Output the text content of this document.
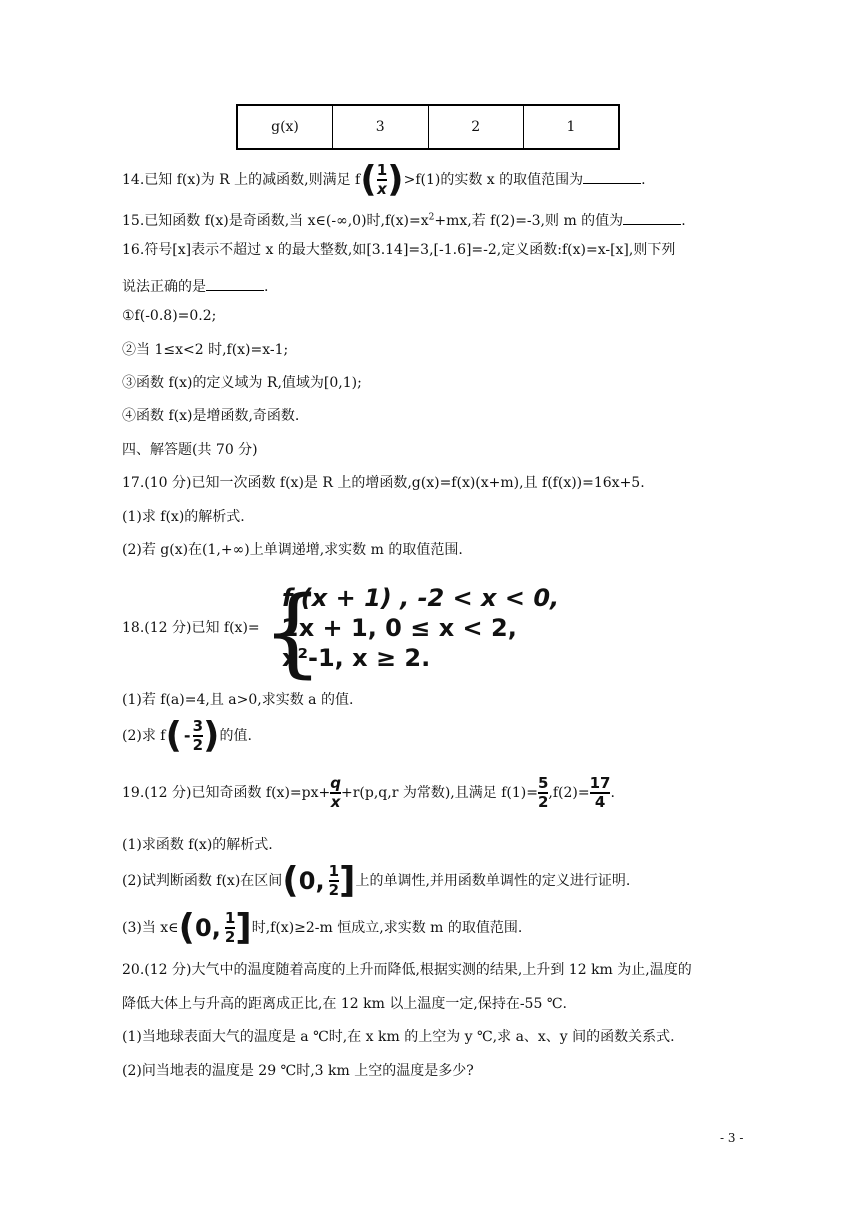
g(x)	3	2	1
14.已知 f(x)为 R 上的减函数,则满足 $f( \frac{1}{x} )>f(1)$的实数 x 的取值范围为	.
15.已知函数 f(x)是奇函数,当 x∈(-∞,0)时$,f(x)=x^2+mx$,若 f(2)=-3,则 m 的值为	.
16.符号[x]表示不超过 x 的最大整数,如[3.14]=3,[-1.6]=-2,定义函数:f(x)=x-[x],则下列
说法正确的是	.
①f(-0.8)=0.2;
②当 1≤x<2 时,f(x)=x-1;
③函数 f(x)的定义域为 R,值域为[0,1);
④函数 f(x)是增函数,奇函数.
四、解答题(共 70 分)
17.(10 分)已知一次函数 f(x)是 R 上的增函数,g(x)=f(x)(x+m),且 f(f(x))=16x+5.
(1)求 f(x)的解析式.
(2)若 g(x)在(1,+∞)上单调递增,求实数 m 的取值范围.
18.(12 分)已知 f(x)= {
f (x + 1) , -2 < x < 0,
2x + 1, 0 ≤ x < 2,
x²-1, x ≥ 2.
(1)若 f(a)=4,且 a>0,求实数 a 的值.
(2)求 $f( - \frac{3}{2}$ )的值.
19.(12 分)已知奇函数 $f(x)=px+ \frac{q}{x} +r(p,q,r$ 为常数),且满足 $f(1)= \frac{5}{2} ,f(2)= \frac{17}{4}$ .
(1)求函数 f(x)的解析式.
(2)试判断函数 f(x)在区间(0, $\frac{1}{2}$ ]上的单调性,并用函数单调性的定义进行证明.
(3)当 x∈(0, $\frac{1}{2}$ ]时,f(x)≥2-m 恒成立,求实数 m 的取值范围.
20.(12 分)大气中的温度随着高度的上升而降低,根据实测的结果,上升到 12 km 为止,温度的
降低大体上与升高的距离成正比,在 12 km 以上温度一定,保持在-55 ℃.
(1)当地球表面大气的温度是 a ℃时,在 x km 的上空为 y ℃,求 a、x、y 间的函数关系式.
(2)问当地表的温度是 29 ℃时,3 km 上空的温度是多少?
- 3 -
